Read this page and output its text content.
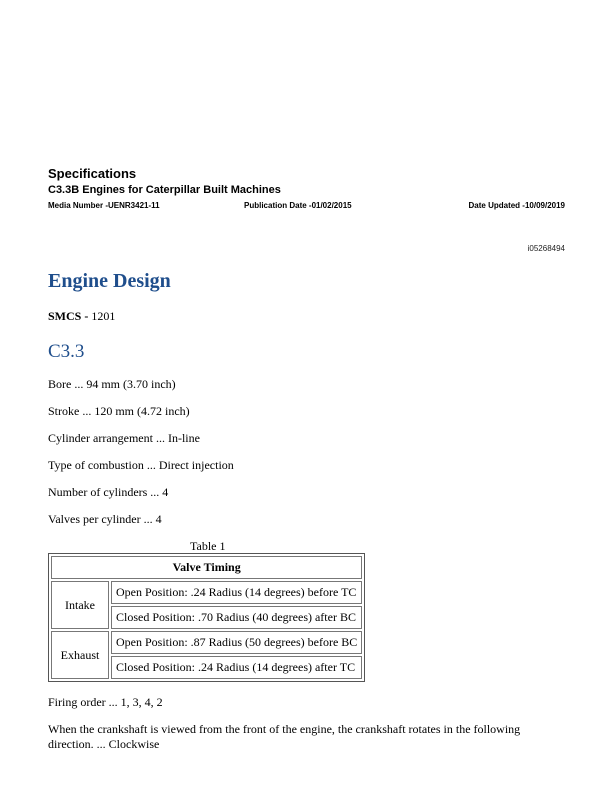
Specifications
C3.3B Engines for Caterpillar Built Machines
Media Number -UENR3421-11	Publication Date -01/02/2015	Date Updated -10/09/2019
i05268494
Engine Design
SMCS - 1201
C3.3
Bore ... 94 mm (3.70 inch)
Stroke ... 120 mm (4.72 inch)
Cylinder arrangement ... In-line
Type of combustion ... Direct injection
Number of cylinders ... 4
Valves per cylinder ... 4
Table 1
Valve Timing	
Intake	Open Position: .24 Radius (14 degrees) before TC
	Closed Position: .70 Radius (40 degrees) after BC
Exhaust	Open Position: .87 Radius (50 degrees) before BC
	Closed Position: .24 Radius (14 degrees) after TC
Firing order ... 1, 3, 4, 2
When the crankshaft is viewed from the front of the engine, the crankshaft rotates in the following direction. ... Clockwise
